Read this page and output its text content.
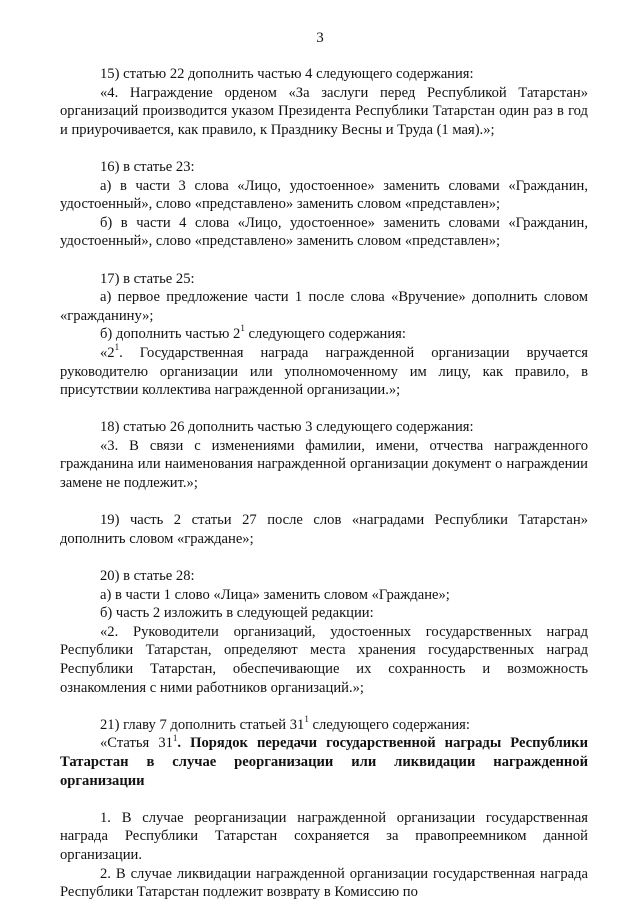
3

15) статью 22 дополнить частью 4 следующего содержания:

«4. Награждение орденом «За заслуги перед Республикой Татарстан» организаций производится указом Президента Республики Татарстан один раз в год и приурочивается, как правило, к Празднику Весны и Труда (1 мая).»;

16) в статье 23:

а) в части 3 слова «Лицо, удостоенное» заменить словами «Гражданин, удостоенный», слово «представлено» заменить словом «представлен»;

б) в части 4 слова «Лицо, удостоенное» заменить словами «Гражданин, удостоенный», слово «представлено» заменить словом «представлен»;

17) в статье 25:

а) первое предложение части 1 после слова «Вручение» дополнить словом «гражданину»;

б) дополнить частью $2^1$ следующего содержания:

«$2^1$. Государственная награда награжденной организации вручается руководителю организации или уполномоченному им лицу, как правило, в присутствии коллектива награжденной организации.»;

18) статью 26 дополнить частью 3 следующего содержания:

«3. В связи с изменениями фамилии, имени, отчества награжденного гражданина или наименования награжденной организации документ о награждении замене не подлежит.»;

19) часть 2 статьи 27 после слов «наградами Республики Татарстан» дополнить словом «граждане»;

20) в статье 28:

а) в части 1 слово «Лица» заменить словом «Граждане»;

б) часть 2 изложить в следующей редакции:

«2. Руководители организаций, удостоенных государственных наград Республики Татарстан, определяют места хранения государственных наград Республики Татарстан, обеспечивающие их сохранность и возможность ознакомления с ними работников организаций.»;

21) главу 7 дополнить статьей $31^1$ следующего содержания:

«Статья $31^1$. Порядок передачи государственной награды Республики Татарстан в случае реорганизации или ликвидации награжденной организации

1. В случае реорганизации награжденной организации государственная награда Республики Татарстан сохраняется за правопреемником данной организации.

2. В случае ликвидации награжденной организации государственная награда Республики Татарстан подлежит возврату в Комиссию по
